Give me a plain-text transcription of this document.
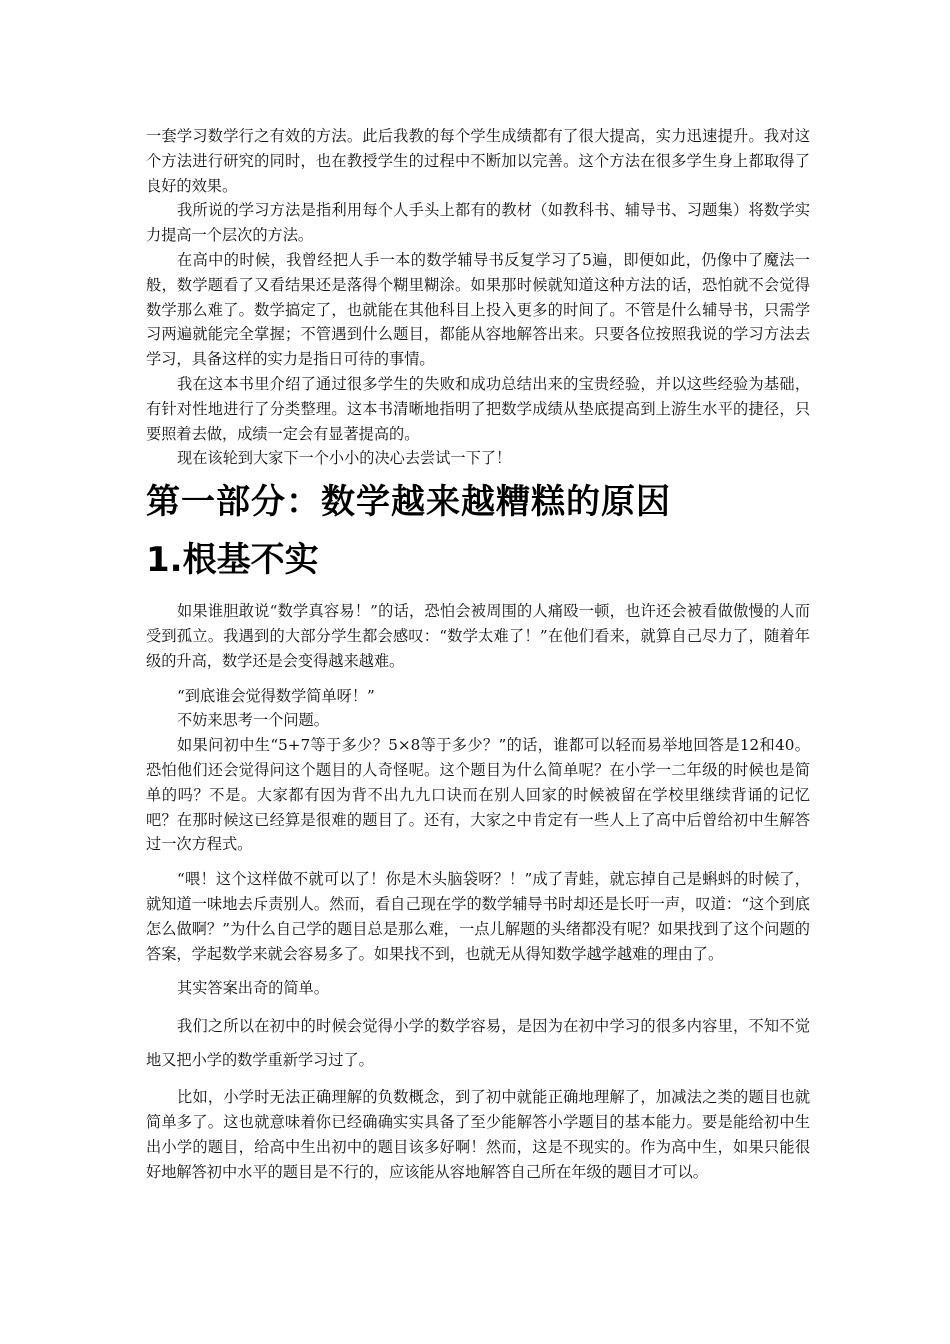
一套学习数学行之有效的方法。此后我教的每个学生成绩都有了很大提高，实力迅速提升。我对这个方法进行研究的同时，也在教授学生的过程中不断加以完善。这个方法在很多学生身上都取得了良好的效果。

我所说的学习方法是指利用每个人手头上都有的教材（如教科书、辅导书、习题集）将数学实力提高一个层次的方法。

在高中的时候，我曾经把人手一本的数学辅导书反复学习了5遍，即便如此，仍像中了魔法一般，数学题看了又看结果还是落得个糊里糊涂。如果那时候就知道这种方法的话，恐怕就不会觉得数学那么难了。数学搞定了，也就能在其他科目上投入更多的时间了。不管是什么辅导书，只需学习两遍就能完全掌握；不管遇到什么题目，都能从容地解答出来。只要各位按照我说的学习方法去学习，具备这样的实力是指日可待的事情。

我在这本书里介绍了通过很多学生的失败和成功总结出来的宝贵经验，并以这些经验为基础，有针对性地进行了分类整理。这本书清晰地指明了把数学成绩从垫底提高到上游生水平的捷径，只要照着去做，成绩一定会有显著提高的。

现在该轮到大家下一个小小的决心去尝试一下了！

第一部分：数学越来越糟糕的原因
1.根基不实

如果谁胆敢说“数学真容易！”的话，恐怕会被周围的人痛殴一顿，也许还会被看做傲慢的人而受到孤立。我遇到的大部分学生都会感叹：“数学太难了！”在他们看来，就算自己尽力了，随着年级的升高，数学还是会变得越来越难。

“到底谁会觉得数学简单呀！”

不妨来思考一个问题。

如果问初中生“5+7等于多少？5×8等于多少？”的话，谁都可以轻而易举地回答是12和40。恐怕他们还会觉得问这个题目的人奇怪呢。这个题目为什么简单呢？在小学一二年级的时候也是简单的吗？不是。大家都有因为背不出九九口诀而在别人回家的时候被留在学校里继续背诵的记忆吧？在那时候这已经算是很难的题目了。还有，大家之中肯定有一些人上了高中后曾给初中生解答过一次方程式。

“喂！这个这样做不就可以了！你是木头脑袋呀？！”成了青蛙，就忘掉自己是蝌蚪的时候了，就知道一味地去斥责别人。然而，看自己现在学的数学辅导书时却还是长吁一声，叹道：“这个到底怎么做啊？”为什么自己学的题目总是那么难，一点儿解题的头绪都没有呢？如果找到了这个问题的答案，学起数学来就会容易多了。如果找不到，也就无从得知数学越学越难的理由了。

其实答案出奇的简单。

我们之所以在初中的时候会觉得小学的数学容易，是因为在初中学习的很多内容里，不知不觉地又把小学的数学重新学习过了。

比如，小学时无法正确理解的负数概念，到了初中就能正确地理解了，加减法之类的题目也就简单多了。这也就意味着你已经确确实实具备了至少能解答小学题目的基本能力。要是能给初中生出小学的题目，给高中生出初中的题目该多好啊！然而，这是不现实的。作为高中生，如果只能很好地解答初中水平的题目是不行的，应该能从容地解答自己所在年级的题目才可以。
